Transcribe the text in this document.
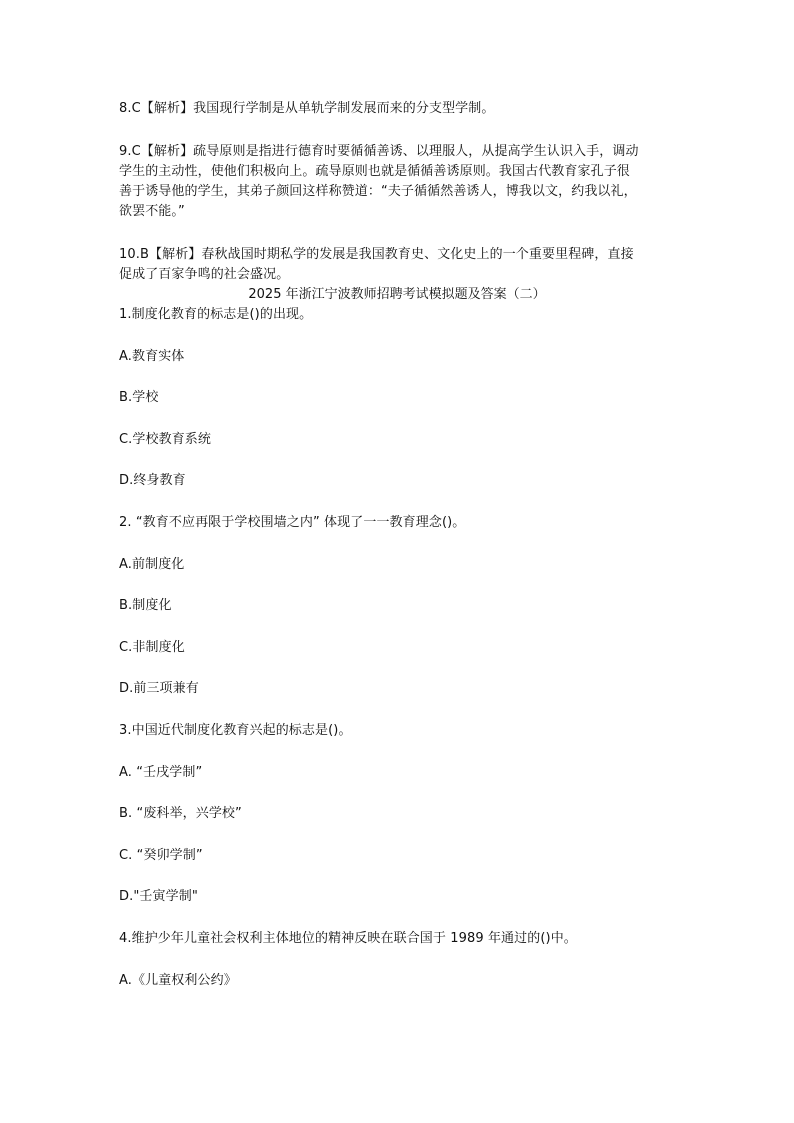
8.C【解析】我国现行学制是从单轨学制发展而来的分支型学制。
9.C【解析】疏导原则是指进行德育时要循循善诱、以理服人，从提高学生认识入手，调动
学生的主动性，使他们积极向上。疏导原则也就是循循善诱原则。我国古代教育家孔子很
善于诱导他的学生，其弟子颜回这样称赞道：“夫子循循然善诱人，博我以文，约我以礼，
欲罢不能。”
10.B【解析】春秋战国时期私学的发展是我国教育史、文化史上的一个重要里程碑，直接
促成了百家争鸣的社会盛况。
2025 年浙江宁波教师招聘考试模拟题及答案（二）
1.制度化教育的标志是()的出现。
A.教育实体
B.学校
C.学校教育系统
D.终身教育
2. “教育不应再限于学校围墙之内” 体现了一一教育理念()。
A.前制度化
B.制度化
C.非制度化
D.前三项兼有
3.中国近代制度化教育兴起的标志是()。
A. “壬戌学制”
B. “废科举，兴学校”
C. “癸卯学制”
D."壬寅学制"
4.维护少年儿童社会权利主体地位的精神反映在联合国于 1989 年通过的()中。
A.《儿童权利公约》
